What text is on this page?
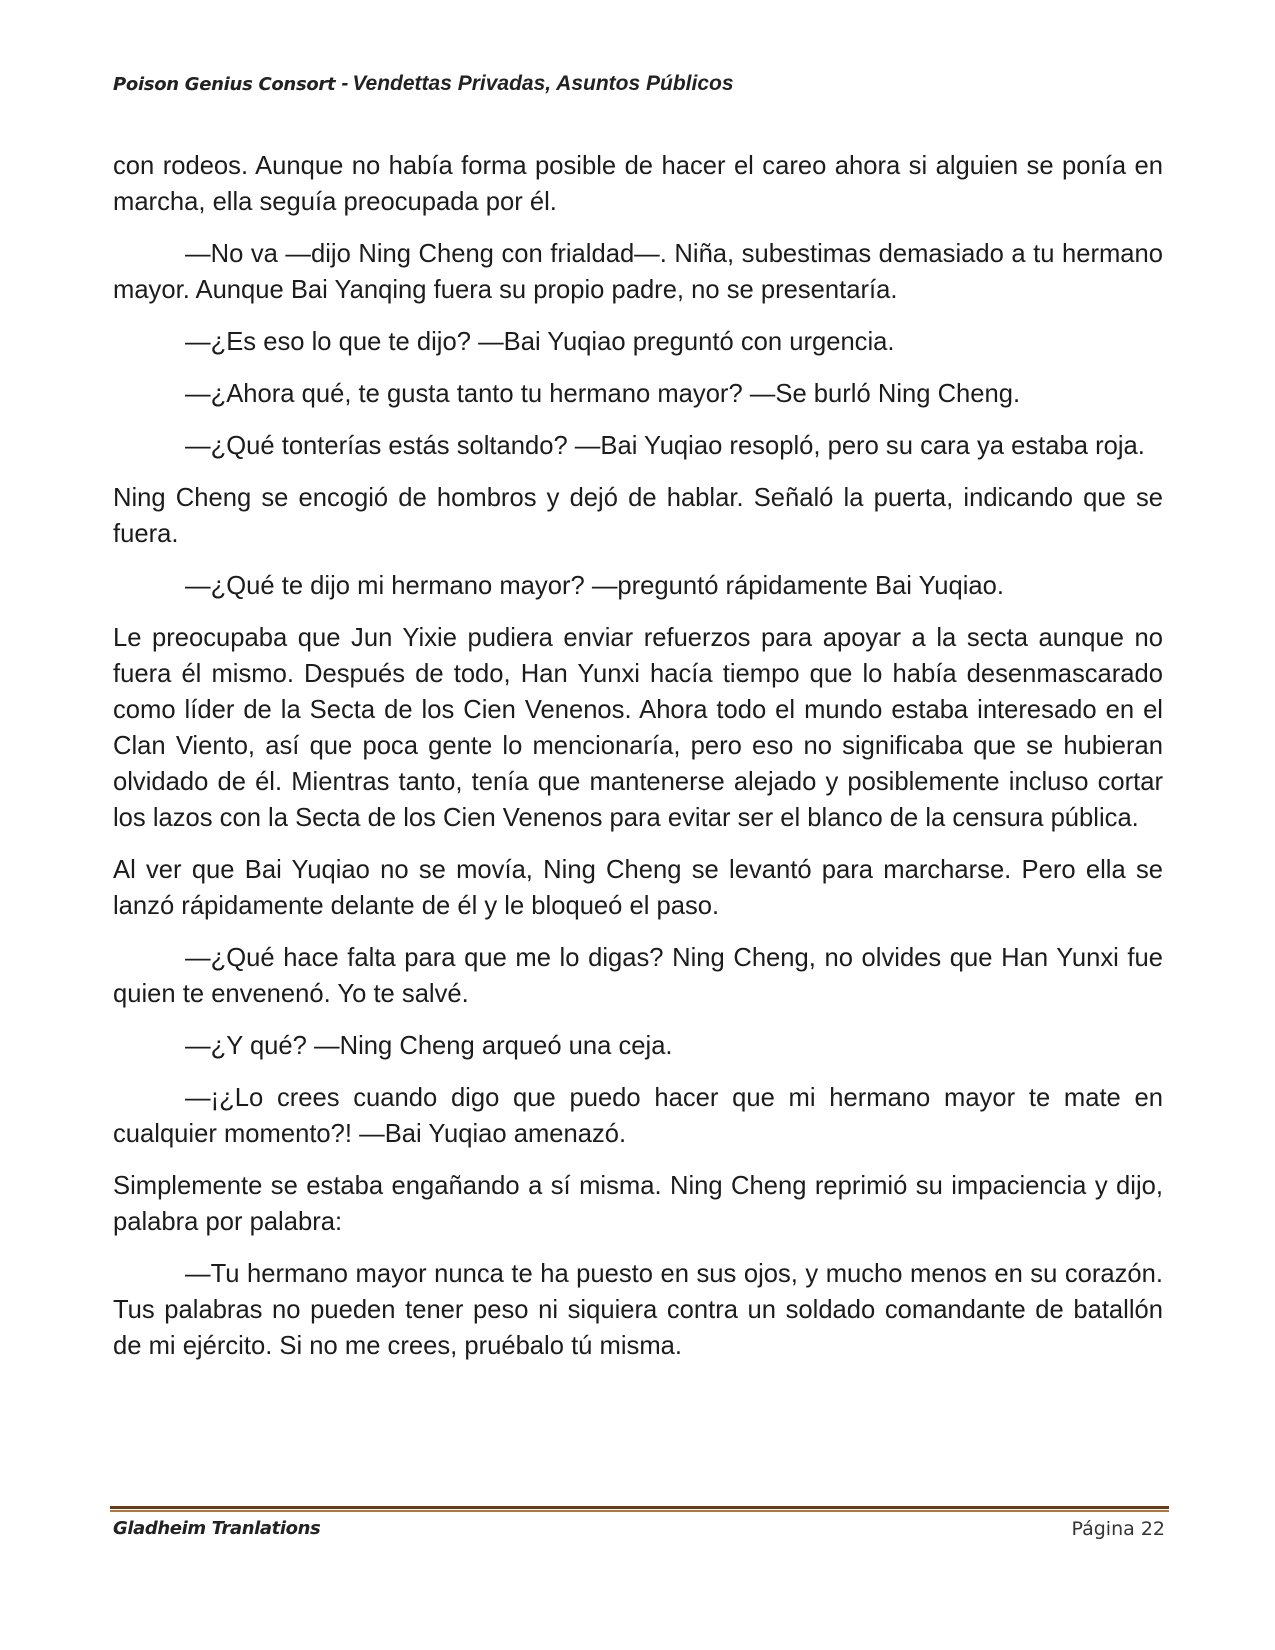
Poison Genius Consort - Vendettas Privadas, Asuntos Públicos

con rodeos. Aunque no había forma posible de hacer el careo ahora si alguien se ponía en marcha, ella seguía preocupada por él.

—No va —dijo Ning Cheng con frialdad—. Niña, subestimas demasiado a tu hermano mayor. Aunque Bai Yanqing fuera su propio padre, no se presentaría.

—¿Es eso lo que te dijo? —Bai Yuqiao preguntó con urgencia.

—¿Ahora qué, te gusta tanto tu hermano mayor? —Se burló Ning Cheng.

—¿Qué tonterías estás soltando? —Bai Yuqiao resopló, pero su cara ya estaba roja.

Ning Cheng se encogió de hombros y dejó de hablar. Señaló la puerta, indicando que se fuera.

—¿Qué te dijo mi hermano mayor? —preguntó rápidamente Bai Yuqiao.

Le preocupaba que Jun Yixie pudiera enviar refuerzos para apoyar a la secta aunque no fuera él mismo. Después de todo, Han Yunxi hacía tiempo que lo había desenmascarado como líder de la Secta de los Cien Venenos. Ahora todo el mundo estaba interesado en el Clan Viento, así que poca gente lo mencionaría, pero eso no significaba que se hubieran olvidado de él. Mientras tanto, tenía que mantenerse alejado y posiblemente incluso cortar los lazos con la Secta de los Cien Venenos para evitar ser el blanco de la censura pública.

Al ver que Bai Yuqiao no se movía, Ning Cheng se levantó para marcharse. Pero ella se lanzó rápidamente delante de él y le bloqueó el paso.

—¿Qué hace falta para que me lo digas? Ning Cheng, no olvides que Han Yunxi fue quien te envenenó. Yo te salvé.

—¿Y qué? —Ning Cheng arqueó una ceja.

—¡¿Lo crees cuando digo que puedo hacer que mi hermano mayor te mate en cualquier momento?! —Bai Yuqiao amenazó.

Simplemente se estaba engañando a sí misma. Ning Cheng reprimió su impaciencia y dijo, palabra por palabra:

—Tu hermano mayor nunca te ha puesto en sus ojos, y mucho menos en su corazón. Tus palabras no pueden tener peso ni siquiera contra un soldado comandante de batallón de mi ejército. Si no me crees, pruébalo tú misma.

Gladheim Tranlations	Página 22
